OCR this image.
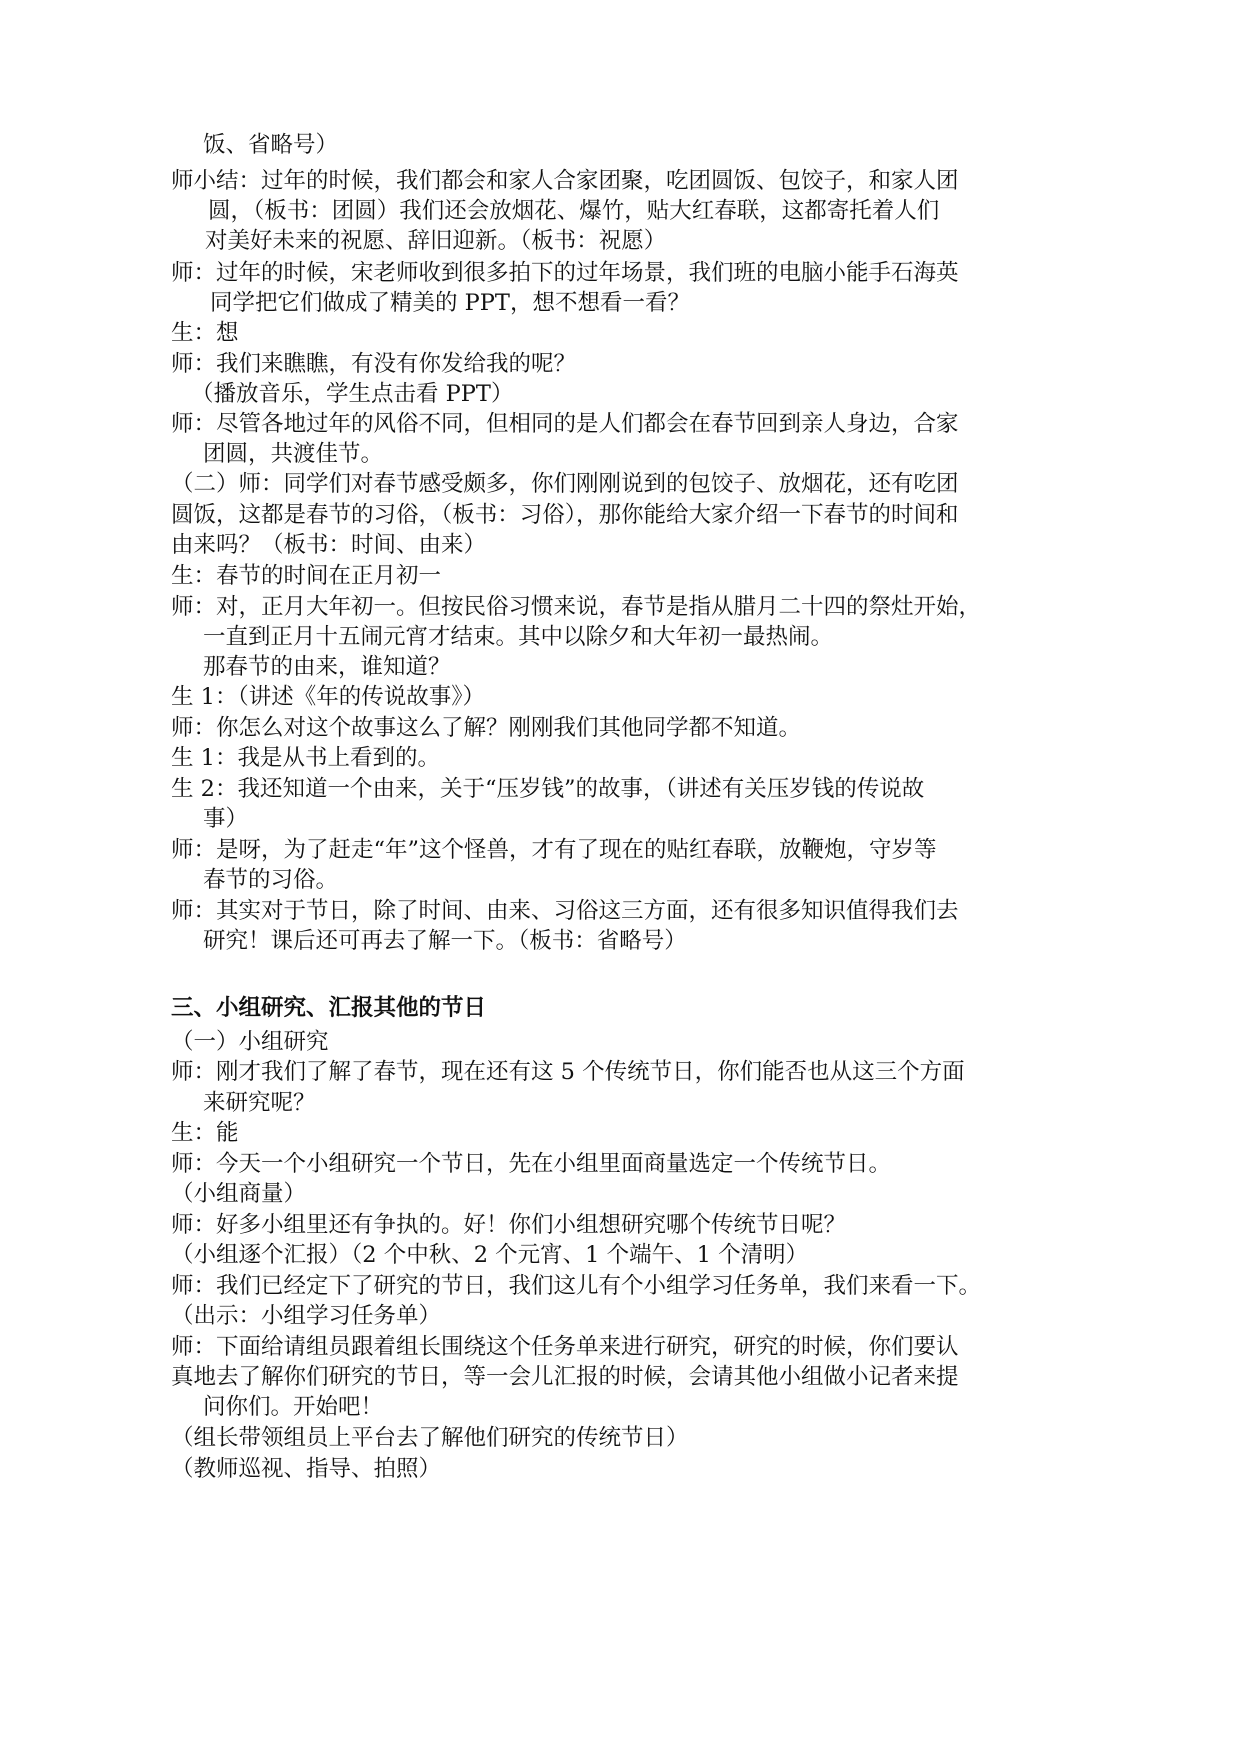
饭、省略号）

师小结：过年的时候，我们都会和家人合家团聚，吃团圆饭、包饺子，和家人团

圆，（板书：团圆）我们还会放烟花、爆竹，贴大红春联，这都寄托着人们

对美好未来的祝愿、辞旧迎新。（板书：祝愿）

师：过年的时候，宋老师收到很多拍下的过年场景，我们班的电脑小能手石海英

同学把它们做成了精美的 PPT，想不想看一看？

生：想

师：我们来瞧瞧，有没有你发给我的呢？

（播放音乐，学生点击看 PPT）

师：尽管各地过年的风俗不同，但相同的是人们都会在春节回到亲人身边，合家

团圆，共渡佳节。

（二）师：同学们对春节感受颇多，你们刚刚说到的包饺子、放烟花，还有吃团

圆饭，这都是春节的习俗，（板书：习俗），那你能给大家介绍一下春节的时间和

由来吗？（板书：时间、由来）

生：春节的时间在正月初一

师：对，正月大年初一。但按民俗习惯来说，春节是指从腊月二十四的祭灶开始，

一直到正月十五闹元宵才结束。其中以除夕和大年初一最热闹。

那春节的由来，谁知道？

生 1：（讲述《年的传说故事》）

师：你怎么对这个故事这么了解？刚刚我们其他同学都不知道。

生 1：我是从书上看到的。

生 2：我还知道一个由来，关于“压岁钱”的故事，（讲述有关压岁钱的传说故

事）

师：是呀，为了赶走“年”这个怪兽，才有了现在的贴红春联，放鞭炮，守岁等

春节的习俗。

师：其实对于节日，除了时间、由来、习俗这三方面，还有很多知识值得我们去

研究！课后还可再去了解一下。（板书：省略号）

三、小组研究、汇报其他的节日

（一）小组研究

师：刚才我们了解了春节，现在还有这 5 个传统节日，你们能否也从这三个方面

来研究呢？

生：能

师：今天一个小组研究一个节日，先在小组里面商量选定一个传统节日。

（小组商量）

师：好多小组里还有争执的。好！你们小组想研究哪个传统节日呢？

（小组逐个汇报）（2 个中秋、2 个元宵、1 个端午、1 个清明）

师：我们已经定下了研究的节日，我们这儿有个小组学习任务单，我们来看一下。

（出示：小组学习任务单）

师：下面给请组员跟着组长围绕这个任务单来进行研究，研究的时候，你们要认

真地去了解你们研究的节日，等一会儿汇报的时候，会请其他小组做小记者来提

问你们。开始吧！

（组长带领组员上平台去了解他们研究的传统节日）

（教师巡视、指导、拍照）
